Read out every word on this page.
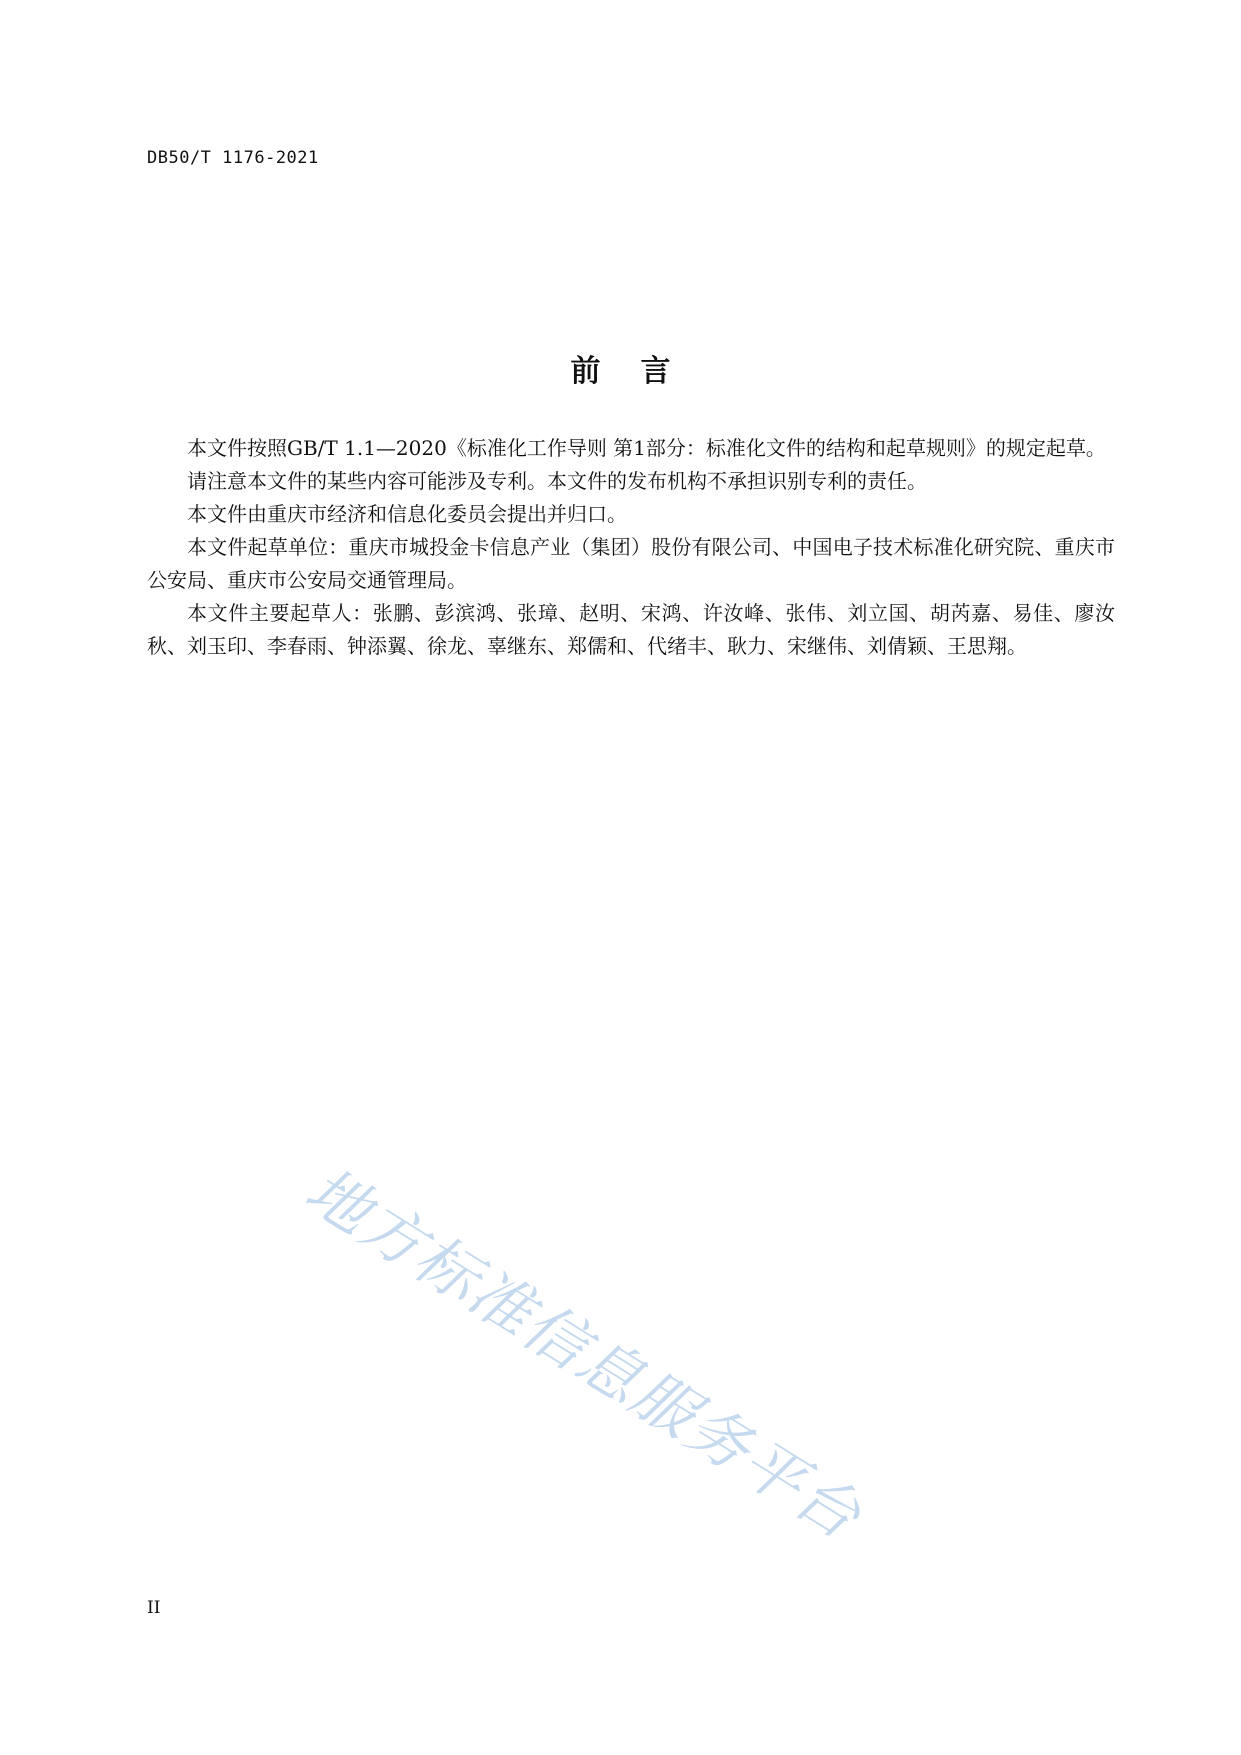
DB50/T 1176-2021
前言

本文件按照GB/T 1.1—2020《标准化工作导则 第1部分：标准化文件的结构和起草规则》的规定起草。

请注意本文件的某些内容可能涉及专利。本文件的发布机构不承担识别专利的责任。

本文件由重庆市经济和信息化委员会提出并归口。

本文件起草单位：重庆市城投金卡信息产业（集团）股份有限公司、中国电子技术标准化研究院、重庆市公安局、重庆市公安局交通管理局。

本文件主要起草人：张鹏、彭滨鸿、张璋、赵明、宋鸿、许汝峰、张伟、刘立国、胡芮嘉、易佳、廖汝秋、刘玉印、李春雨、钟添翼、徐龙、辜继东、郑儒和、代绪丰、耿力、宋继伟、刘倩颖、王思翔。

地方标准信息服务平台
II
